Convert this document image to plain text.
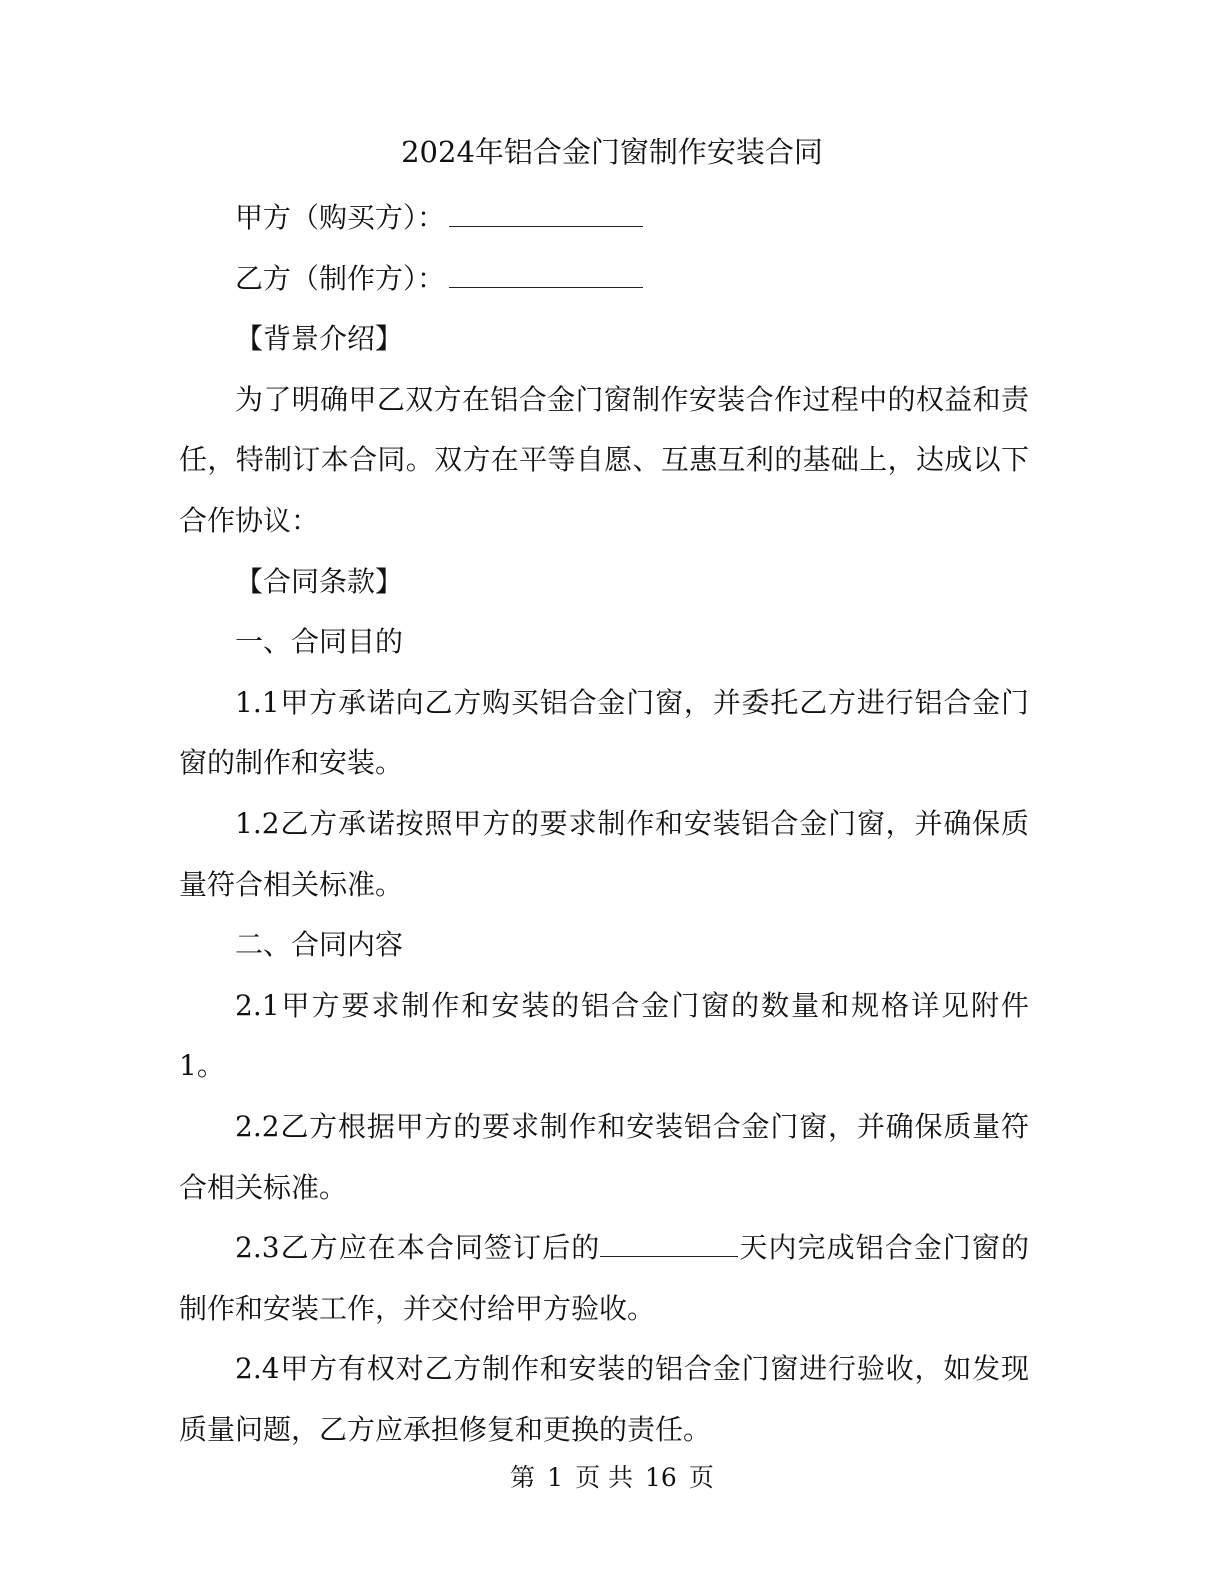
2024年铝合金门窗制作安装合同

甲方（购买方）：

乙方（制作方）：

【背景介绍】

为了明确甲乙双方在铝合金门窗制作安装合作过程中的权益和责任，特制订本合同。双方在平等自愿、互惠互利的基础上，达成以下合作协议：

【合同条款】

一、合同目的

1.1甲方承诺向乙方购买铝合金门窗，并委托乙方进行铝合金门窗的制作和安装。

1.2乙方承诺按照甲方的要求制作和安装铝合金门窗，并确保质量符合相关标准。

二、合同内容

2.1甲方要求制作和安装的铝合金门窗的数量和规格详见附件 1。

2.2乙方根据甲方的要求制作和安装铝合金门窗，并确保质量符合相关标准。

2.3乙方应在本合同签订后的	天内完成铝合金门窗的制作和安装工作，并交付给甲方验收。

2.4甲方有权对乙方制作和安装的铝合金门窗进行验收，如发现质量问题，乙方应承担修复和更换的责任。

第 1 页 共 16 页
